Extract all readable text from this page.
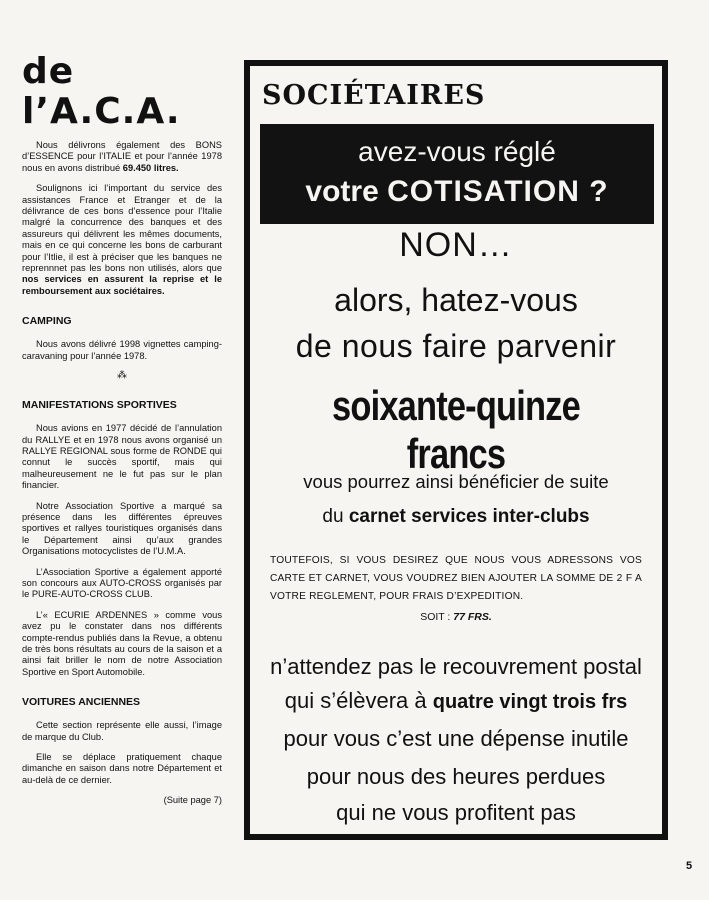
de l’A.C.A.

Nous délivrons également des BONS d’ESSENCE pour l’ITALIE et pour l’année 1978 nous en avons distribué 69.450 litres.

Soulignons ici l’important du service des assistances France et Etranger et de la délivrance de ces bons d’essence pour l’Italie malgré la concurrence des banques et des assureurs qui délivrent les mêmes documents, mais en ce qui concerne les bons de carburant pour l’Itlie, il est à préciser que les banques ne reprennnet pas les bons non utilisés, alors que nos services en assurent la reprise et le remboursement aux sociétaires.

CAMPING

Nous avons délivré 1998 vignettes camping-caravaning pour l’année 1978.

⁂
MANIFESTATIONS SPORTIVES

Nous avions en 1977 décidé de l’annulation du RALLYE et en 1978 nous avons organisé un RALLYE REGIONAL sous forme de RONDE qui connut le succès sportif, mais qui malheureusement ne le fut pas sur le plan financier.

Notre Association Sportive a marqué sa présence dans les différentes épreuves sportives et rallyes touristiques organisés dans le Département ainsi qu’aux grandes Organisations motocyclistes de l’U.M.A.

L’Association Sportive a également apporté son concours aux AUTO-CROSS organisés par le PURE-AUTO-CROSS CLUB.

L’« ECURIE ARDENNES » comme vous avez pu le constater dans nos différents compte-rendus publiés dans la Revue, a obtenu de très bons résultats au cours de la saison et a ainsi fait briller le nom de notre Association Sportive en Sport Automobile.

VOITURES ANCIENNES

Cette section représente elle aussi, l’image de marque du Club.

Elle se déplace pratiquement chaque dimanche en saison dans notre Département et au-delà de ce dernier.

(Suite page 7)
SOCIÉTAIRES
avez-vous réglé
votre COTISATION ?
NON…
alors, hatez-vous
de nous faire parvenir
soixante-quinze francs
vous pourrez ainsi bénéficier de suite
du carnet services inter-clubs
TOUTEFOIS, SI VOUS DESIREZ QUE NOUS VOUS ADRESSONS VOS CARTE ET CARNET, VOUS VOUDREZ BIEN AJOUTER LA SOMME DE 2 F A VOTRE REGLEMENT, POUR FRAIS D’EXPEDITION.
SOIT : 77 FRS.
n’attendez pas le recouvrement postal
qui s’élèvera à quatre vingt trois frs
pour vous c’est une dépense inutile
pour nous des heures perdues
qui ne vous profitent pas
5
